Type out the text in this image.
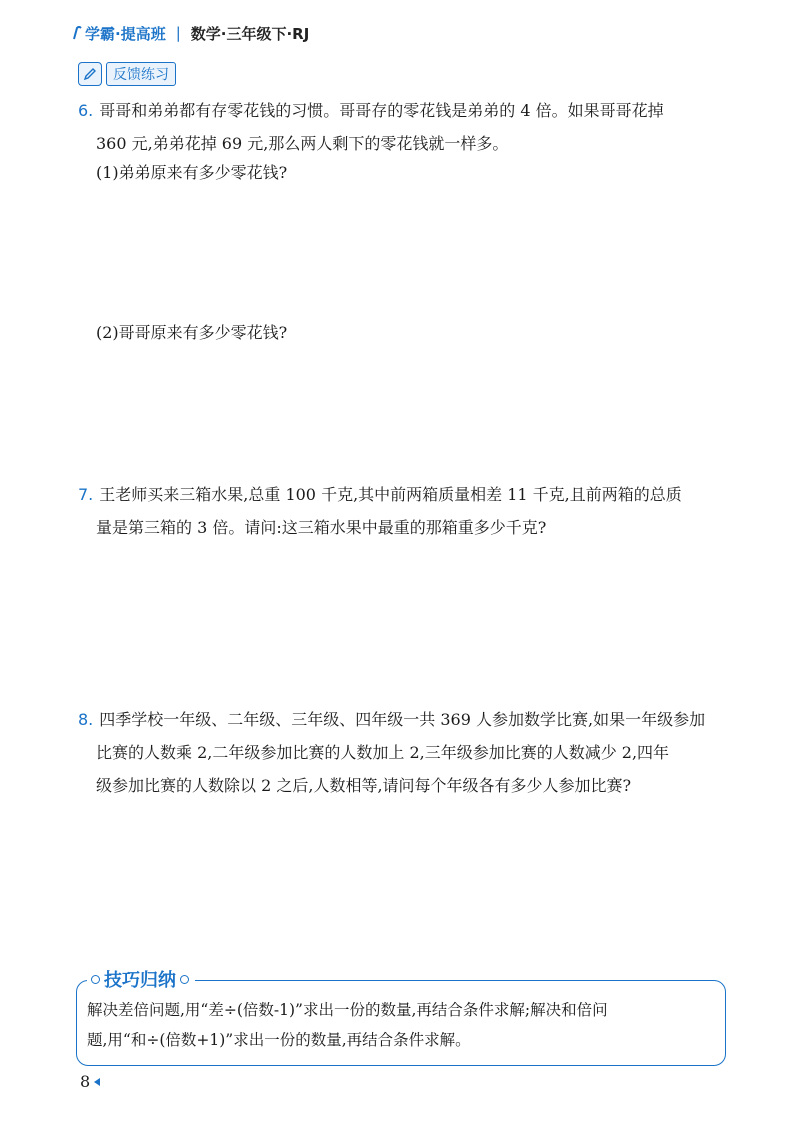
学霸·提高班 | 数学·三年级下·RJ
反馈练习
6. 哥哥和弟弟都有存零花钱的习惯。哥哥存的零花钱是弟弟的 4 倍。如果哥哥花掉
360 元,弟弟花掉 69 元,那么两人剩下的零花钱就一样多。
(1)弟弟原来有多少零花钱?
(2)哥哥原来有多少零花钱?
7. 王老师买来三箱水果,总重 100 千克,其中前两箱质量相差 11 千克,且前两箱的总质
量是第三箱的 3 倍。请问:这三箱水果中最重的那箱重多少千克?
8. 四季学校一年级、二年级、三年级、四年级一共 369 人参加数学比赛,如果一年级参加
比赛的人数乘 2,二年级参加比赛的人数加上 2,三年级参加比赛的人数减少 2,四年
级参加比赛的人数除以 2 之后,人数相等,请问每个年级各有多少人参加比赛?
技巧归纳
解决差倍问题,用“差÷(倍数-1)”求出一份的数量,再结合条件求解;解决和倍问
题,用“和÷(倍数+1)”求出一份的数量,再结合条件求解。
8
